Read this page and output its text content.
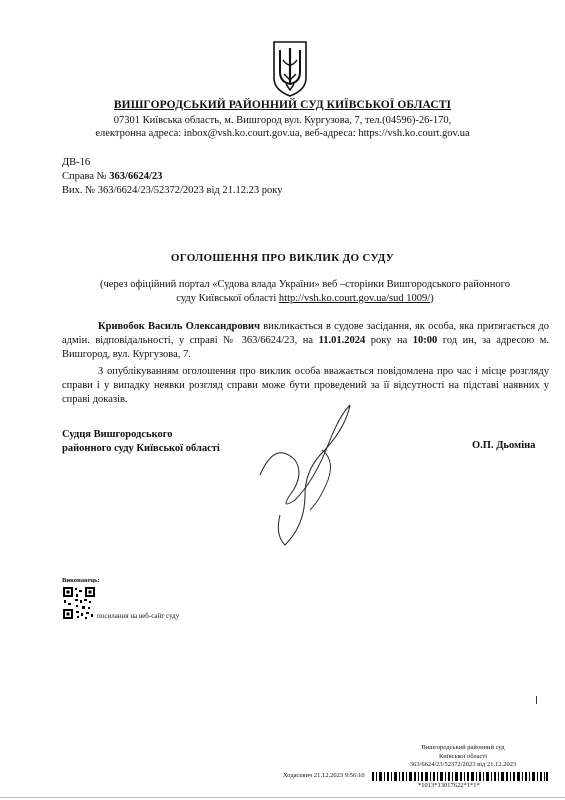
ВИШГОРОДСЬКИЙ РАЙОННИЙ СУД КИЇВСЬКОЇ ОБЛАСТІ
07301 Київська область, м. Вишгород вул. Кургузова, 7, тел.(04596)-26-170,
електронна адреса: inbox@vsh.ko.court.gov.ua, веб-адреса: https://vsh.ko.court.gov.ua
ДВ-16
Справа № 363/6624/23
Вих. № 363/6624/23/52372/2023 від 21.12.23 року
ОГОЛОШЕННЯ ПРО ВИКЛИК ДО СУДУ
(через офіційний портал «Судова влада України» веб –сторінки Вишгородського районного суду Київської області http://vsh.ko.court.gov.ua/sud 1009/)
Кривобок Василь Олександрович викликається в судове засідання, як особа, яка притягається до адмін. відповідальності, у справі № 363/6624/23, на 11.01.2024 року на 10:00 год ин, за адресою м. Вишгород, вул. Кургузова, 7.
З опублікуванням оголошення про виклик особа вважається повідомлена про час і місце розгляду справи і у випадку неявки розгляд справи може бути проведений за її відсутності на підставі наявних у справі доказів.
Судця Вишгородського
районного суду Київської області	О.П. Дьоміна
Виконавець:
посилання на веб-сайт суду
Вишгородський районний суд
Київської області
363/6624/23/52372/2023 від 21.12.2023
Ходасевич 21.12.2023 9:56:10
*1013*13017622*1*1*
